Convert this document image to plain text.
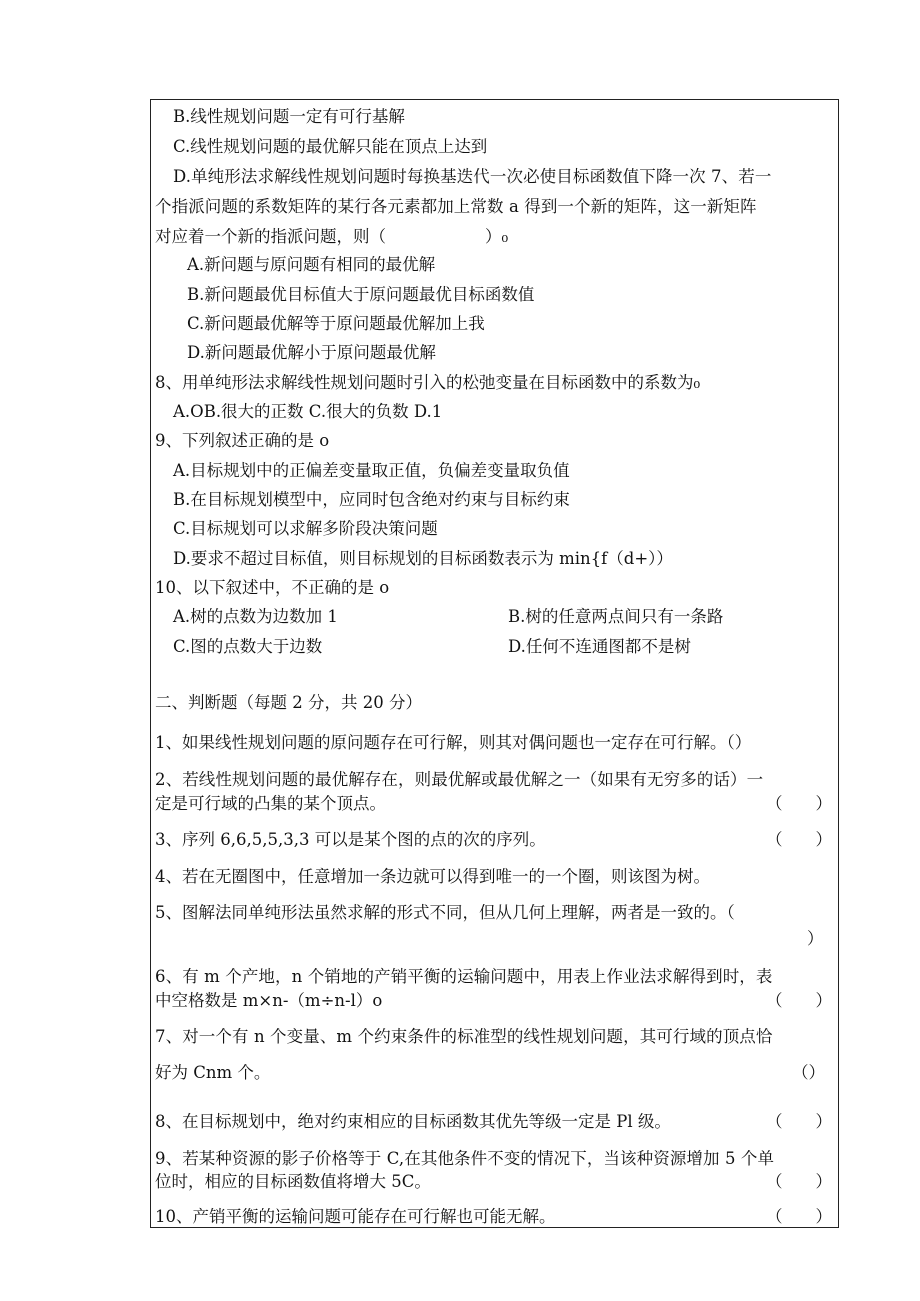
B.线性规划问题一定有可行基解
C.线性规划问题的最优解只能在顶点上达到
D.单纯形法求解线性规划问题时每换基迭代一次必使目标函数值下降一次 7、若一
个指派问题的系数矩阵的某行各元素都加上常数 a 得到一个新的矩阵，这一新矩阵
对应着一个新的指派问题，则（　　　　　　）₀
A.新问题与原问题有相同的最优解
B.新问题最优目标值大于原问题最优目标函数值
C.新问题最优解等于原问题最优解加上我
D.新问题最优解小于原问题最优解
8、用单纯形法求解线性规划问题时引入的松弛变量在目标函数中的系数为₀
A.OB.很大的正数 C.很大的负数 D.1
9、下列叙述正确的是 o
A.目标规划中的正偏差变量取正值，负偏差变量取负值
B.在目标规划模型中，应同时包含绝对约束与目标约束
C.目标规划可以求解多阶段决策问题
D.要求不超过目标值，则目标规划的目标函数表示为 min{f（d+））
10、以下叙述中，不正确的是 o
A.树的点数为边数加 1	B.树的任意两点间只有一条路
C.图的点数大于边数	D.任何不连通图都不是树
二、判断题（每题 2 分，共 20 分）
1、如果线性规划问题的原问题存在可行解，则其对偶问题也一定存在可行解。（）
2、若线性规划问题的最优解存在，则最优解或最优解之一（如果有无穷多的话）一
定是可行域的凸集的某个顶点。	（　　）
3、序列 6,6,5,5,3,3 可以是某个图的点的次的序列。	（　　）
4、若在无圈图中，任意增加一条边就可以得到唯一的一个圈，则该图为树。
5、图解法同单纯形法虽然求解的形式不同，但从几何上理解，两者是一致的。（
）
6、有 m 个产地，n 个销地的产销平衡的运输问题中，用表上作业法求解得到时，表
中空格数是 m×n-（m÷n-l）o	（　　）
7、对一个有 n 个变量、m 个约束条件的标准型的线性规划问题，其可行域的顶点恰
好为 Cnm 个。	（）
8、在目标规划中，绝对约束相应的目标函数其优先等级一定是 Pl 级。	（　　）
9、若某种资源的影子价格等于 C,在其他条件不变的情况下，当该种资源增加 5 个单
位时，相应的目标函数值将增大 5C。	（　　）
10、产销平衡的运输问题可能存在可行解也可能无解。	（　　）
